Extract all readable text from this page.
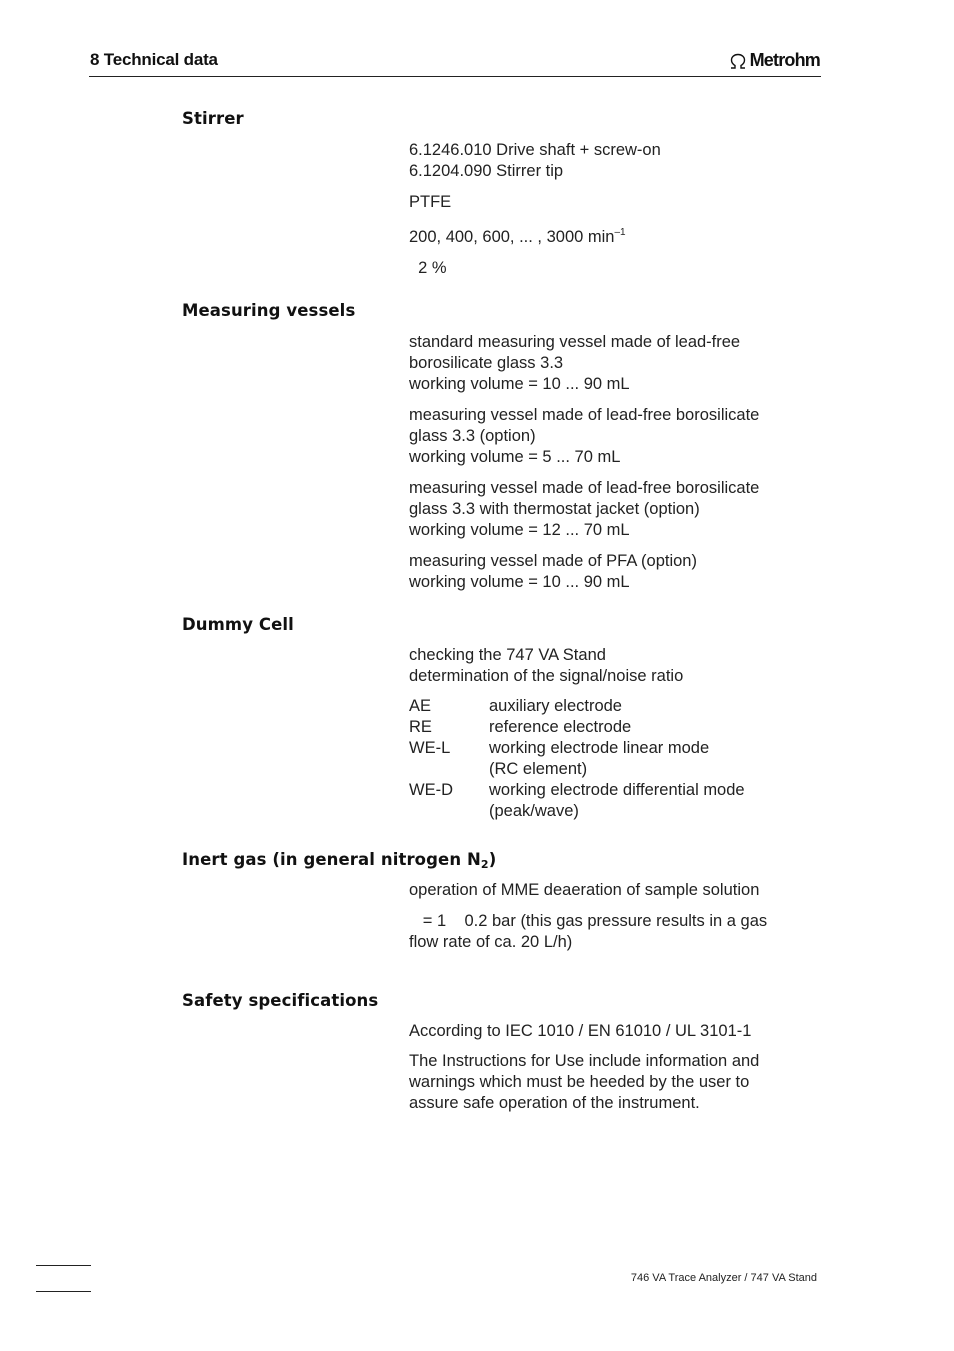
8 Technical data	Metrohm
Stirrer

6.1246.010 Drive shaft + screw-on

6.1204.090 Stirrer tip

PTFE

200, 400, 600, ... , 3000 $\min^{-1}$

2 %

Measuring vessels

standard measuring vessel made of lead-free

borosilicate glass 3.3

working volume = 10 ... 90 mL

measuring vessel made of lead-free borosilicate

glass 3.3 (option)

working volume = 5 ... 70 mL

measuring vessel made of lead-free borosilicate

glass 3.3 with thermostat jacket (option)

working volume = 12 ... 70 mL

measuring vessel made of PFA (option)

working volume = 10 ... 90 mL

Dummy Cell

checking the 747 VA Stand

determination of the signal/noise ratio

AE	auxiliary electrode
RE	reference electrode
WE-L	working electrode linear mode
(RC element)
WE-D	working electrode differential mode
(peak/wave)
Inert gas (in general nitrogen $N_2$)

operation of MME deaeration of sample solution

= 1    0.2 bar (this gas pressure results in a gas

flow rate of ca. 20 L/h)

Safety specifications

According to IEC 1010 / EN 61010 / UL 3101-1

The Instructions for Use include information and

warnings which must be heeded by the user to

assure safe operation of the instrument.

746 VA Trace Analyzer / 747 VA Stand
